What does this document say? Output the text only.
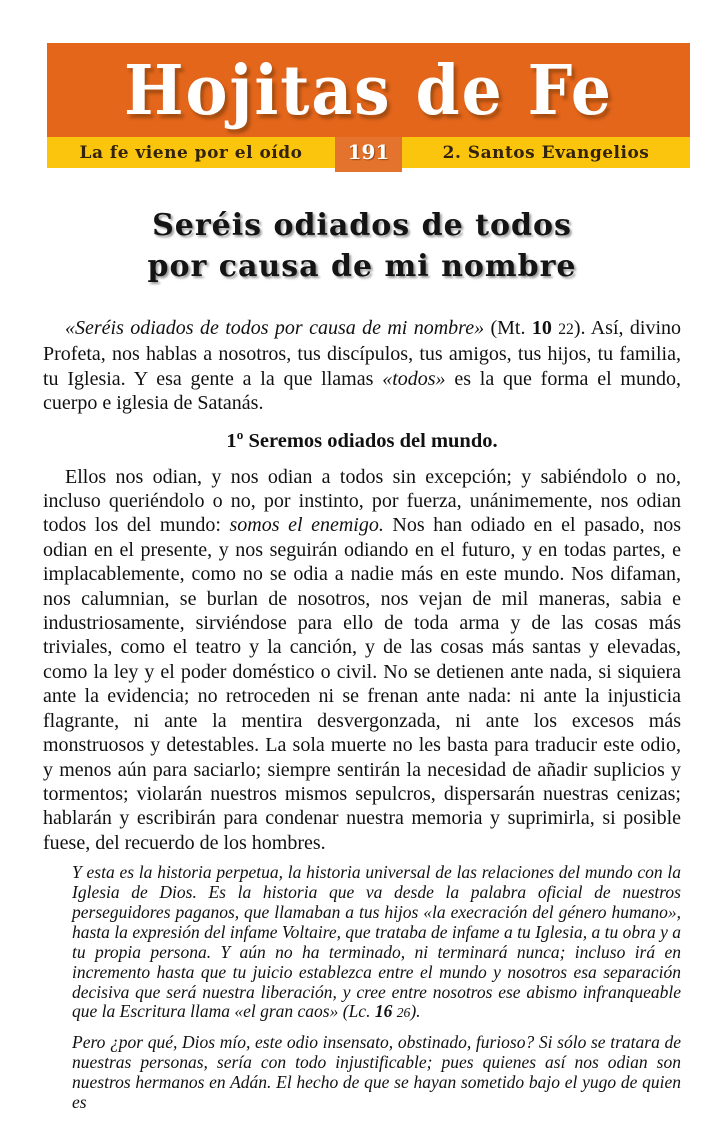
Hojitas de Fe
La fe viene por el oído	191	2. Santos Evangelios
Seréis odiados de todos
por causa de mi nombre

«Seréis odiados de todos por causa de mi nombre» (Mt. 10 22). Así, divino Profeta, nos hablas a nosotros, tus discípulos, tus amigos, tus hijos, tu familia, tu Iglesia. Y esa gente a la que llamas «todos» es la que forma el mundo, cuerpo e iglesia de Satanás.

1º Seremos odiados del mundo.

Ellos nos odian, y nos odian a todos sin excepción; y sabiéndolo o no, incluso queriéndolo o no, por instinto, por fuerza, unánimemente, nos odian todos los del mundo: somos el enemigo. Nos han odiado en el pasado, nos odian en el presente, y nos seguirán odiando en el futuro, y en todas partes, e implacablemente, como no se odia a nadie más en este mundo. Nos difaman, nos calumnian, se burlan de nosotros, nos vejan de mil maneras, sabia e industriosamente, sirviéndose para ello de toda arma y de las cosas más triviales, como el teatro y la canción, y de las cosas más santas y elevadas, como la ley y el poder doméstico o civil. No se detienen ante nada, si siquiera ante la evidencia; no retroceden ni se frenan ante nada: ni ante la injusticia flagrante, ni ante la mentira desvergonzada, ni ante los excesos más monstruosos y detestables. La sola muerte no les basta para traducir este odio, y menos aún para saciarlo; siempre sentirán la necesidad de añadir suplicios y tormentos; violarán nuestros mismos sepulcros, dispersarán nuestras cenizas; hablarán y escribirán para condenar nuestra memoria y suprimirla, si posible fuese, del recuerdo de los hombres.

Y esta es la historia perpetua, la historia universal de las relaciones del mundo con la Iglesia de Dios. Es la historia que va desde la palabra oficial de nuestros perseguidores paganos, que llamaban a tus hijos «la execración del género humano», hasta la expresión del infame Voltaire, que trataba de infame a tu Iglesia, a tu obra y a tu propia persona. Y aún no ha terminado, ni terminará nunca; incluso irá en incremento hasta que tu juicio establezca entre el mundo y nosotros esa separación decisiva que será nuestra liberación, y cree entre nosotros ese abismo infranqueable que la Escritura llama «el gran caos» (Lc. 16 26).

Pero ¿por qué, Dios mío, este odio insensato, obstinado, furioso? Si sólo se tratara de nuestras personas, sería con todo injustificable; pues quienes así nos odian son nuestros hermanos en Adán. El hecho de que se hayan sometido bajo el yugo de quien es
